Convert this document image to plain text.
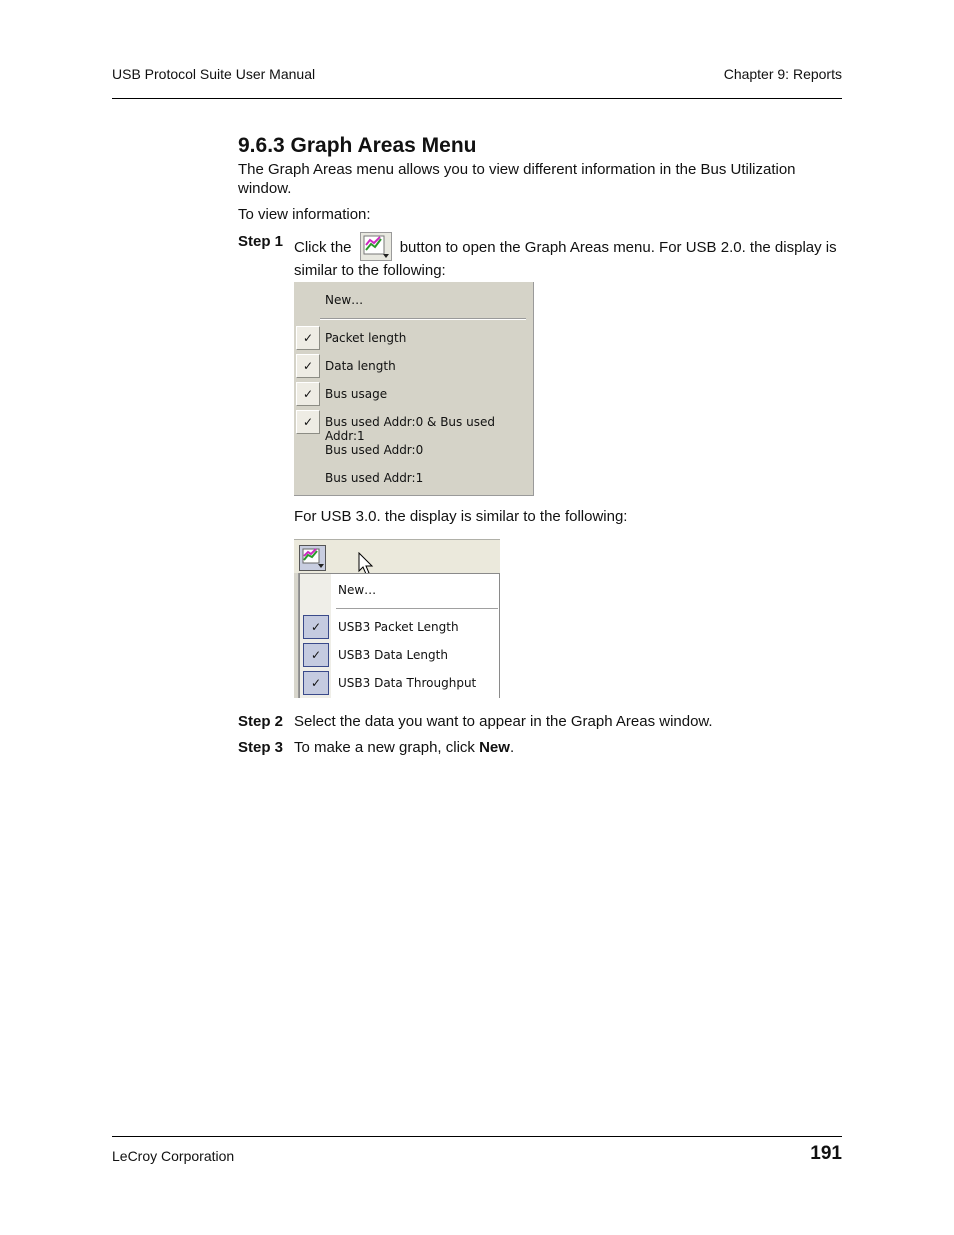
USB Protocol Suite User Manual	Chapter 9: Reports
9.6.3 Graph Areas Menu
The Graph Areas menu allows you to view different information in the Bus Utilization window.
To view information:
Step 1 Click the	button to open the Graph Areas menu. For USB 2.0. the display is similar to the following:
New…
✓ Packet length
✓ Data length
✓ Bus usage
✓ Bus used Addr:0 & Bus used Addr:1
Bus used Addr:0
Bus used Addr:1
For USB 3.0. the display is similar to the following:
New…
✓	USB3 Packet Length
✓	USB3 Data Length
✓	USB3 Data Throughput
Step 2 Select the data you want to appear in the Graph Areas window.
Step 3 To make a new graph, click New.
LeCroy Corporation	191
